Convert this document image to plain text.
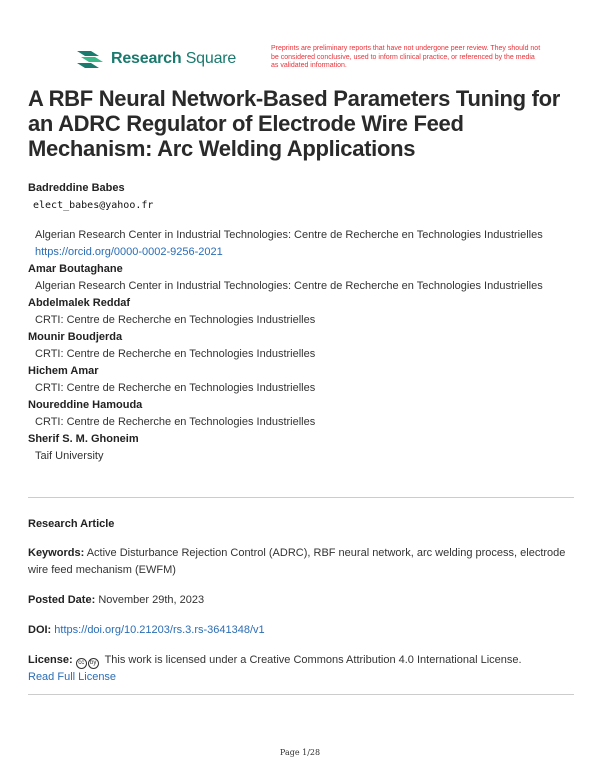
Research Square
Preprints are preliminary reports that have not undergone peer review. They should not be considered conclusive, used to inform clinical practice, or referenced by the media as validated information.
A RBF Neural Network-Based Parameters Tuning for an ADRC Regulator of Electrode Wire Feed Mechanism: Arc Welding Applications
Badreddine Babes
elect_babes@yahoo.fr
Algerian Research Center in Industrial Technologies: Centre de Recherche en Technologies Industrielles
https://orcid.org/0000-0002-9256-2021
Amar Boutaghane
Algerian Research Center in Industrial Technologies: Centre de Recherche en Technologies Industrielles
Abdelmalek Reddaf
CRTI: Centre de Recherche en Technologies Industrielles
Mounir Boudjerda
CRTI: Centre de Recherche en Technologies Industrielles
Hichem Amar
CRTI: Centre de Recherche en Technologies Industrielles
Noureddine Hamouda
CRTI: Centre de Recherche en Technologies Industrielles
Sherif S. M. Ghoneim
Taif University
Research Article
Keywords: Active Disturbance Rejection Control (ADRC), RBF neural network, arc welding process, electrode wire feed mechanism (EWFM)
Posted Date: November 29th, 2023
DOI: https://doi.org/10.21203/rs.3.rs-3641348/v1
License: cc by This work is licensed under a Creative Commons Attribution 4.0 International License.
Read Full License
Page 1/28
